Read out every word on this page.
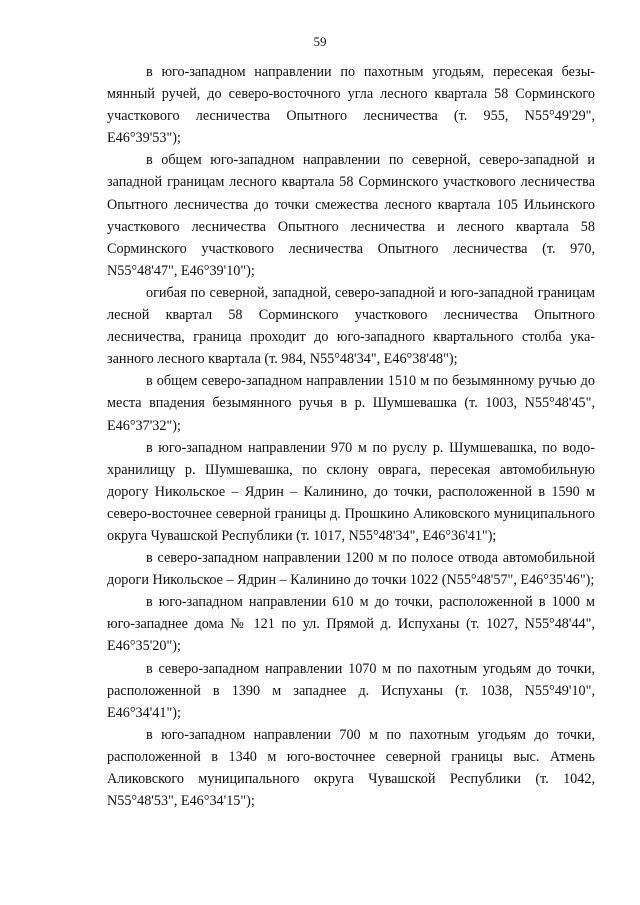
59

в юго-западном направлении по пахотным угодьям, пересекая безымянный ручей, до северо-восточного угла лесного квартала 58 Сорминского участкового лесничества Опытного лесничества (т. 955, N55°49'29", E46°39'53");

в общем юго-западном направлении по северной, северо-западной и западной границам лесного квартала 58 Сорминского участкового лесничества Опытного лесничества до точки смежества лесного квартала 105 Ильинского участкового лесничества Опытного лесничества и лесного квартала 58 Сорминского участкового лесничества Опытного лесничества (т. 970, N55°48'47", E46°39'10");

огибая по северной, западной, северо-западной и юго-западной границам лесной квартал 58 Сорминского участкового лесничества Опытного лесничества, граница проходит до юго-западного квартального столба указанного лесного квартала (т. 984, N55°48'34", E46°38'48");

в общем северо-западном направлении 1510 м по безымянному ручью до места впадения безымянного ручья в р. Шумшевашка (т. 1003, N55°48'45", E46°37'32");

в юго-западном направлении 970 м по руслу р. Шумшевашка, по водохранилищу р. Шумшевашка, по склону оврага, пересекая автомобильную дорогу Никольское – Ядрин – Калинино, до точки, расположенной в 1590 м северо-восточнее северной границы д. Прошкино Аликовского муниципального округа Чувашской Республики (т. 1017, N55°48'34", E46°36'41");

в северо-западном направлении 1200 м по полосе отвода автомобильной дороги Никольское – Ядрин – Калинино до точки 1022 (N55°48'57", E46°35'46");

в юго-западном направлении 610 м до точки, расположенной в 1000 м юго-западнее дома № 121 по ул. Прямой д. Испуханы (т. 1027, N55°48'44", E46°35'20");

в северо-западном направлении 1070 м по пахотным угодьям до точки, расположенной в 1390 м западнее д. Испуханы (т. 1038, N55°49'10", E46°34'41");

в юго-западном направлении 700 м по пахотным угодьям до точки, расположенной в 1340 м юго-восточнее северной границы выс. Атмень Аликовского муниципального округа Чувашской Республики (т. 1042, N55°48'53", E46°34'15");
